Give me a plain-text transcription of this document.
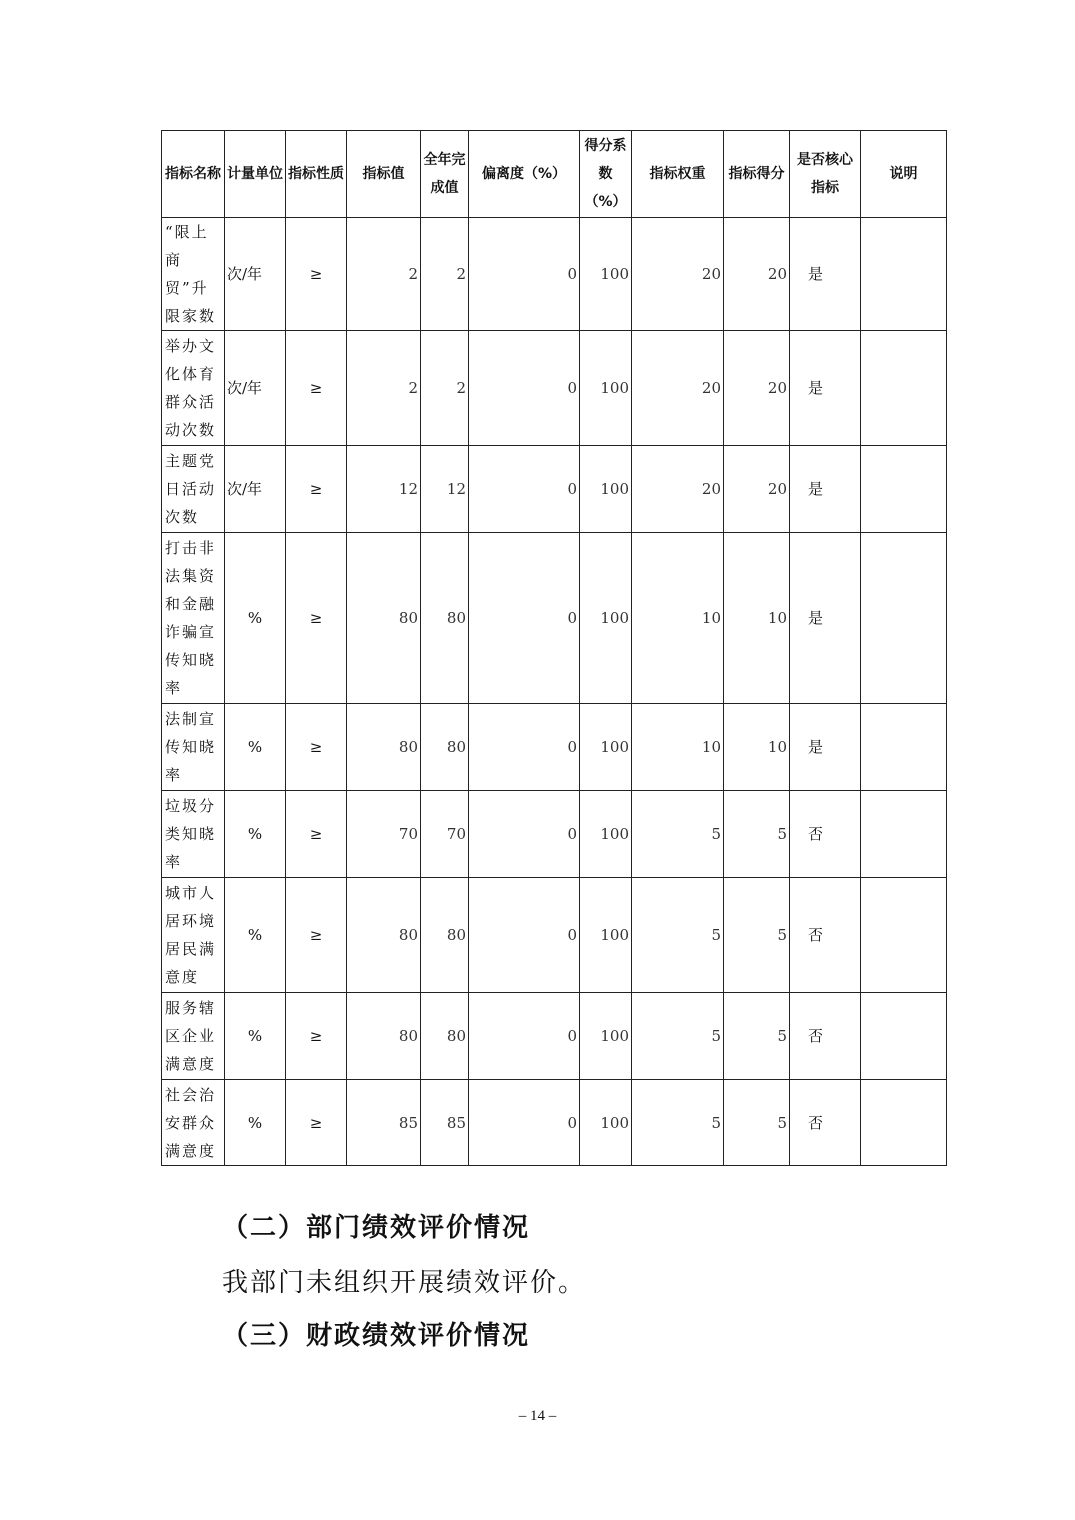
指标名称	计量单位	指标性质	指标值	全年完成值	偏离度（%）	得分系数（%）	指标权重	指标得分	是否核心指标	说明
“限上商贸”升限家数	次/年	≥	2	2	0	100	20	20	是	
举办文化体育群众活动次数	次/年	≥	2	2	0	100	20	20	是	
主题党日活动次数	次/年	≥	12	12	0	100	20	20	是	
打击非法集资和金融诈骗宣传知晓率	%	≥	80	80	0	100	10	10	是	
法制宣传知晓率	%	≥	80	80	0	100	10	10	是	
垃圾分类知晓率	%	≥	70	70	0	100	5	5	否	
城市人居环境居民满意度	%	≥	80	80	0	100	5	5	否	
服务辖区企业满意度	%	≥	80	80	0	100	5	5	否	
社会治安群众满意度	%	≥	85	85	0	100	5	5	否	
（二）部门绩效评价情况
我部门未组织开展绩效评价。
（三）财政绩效评价情况
– 14 –
